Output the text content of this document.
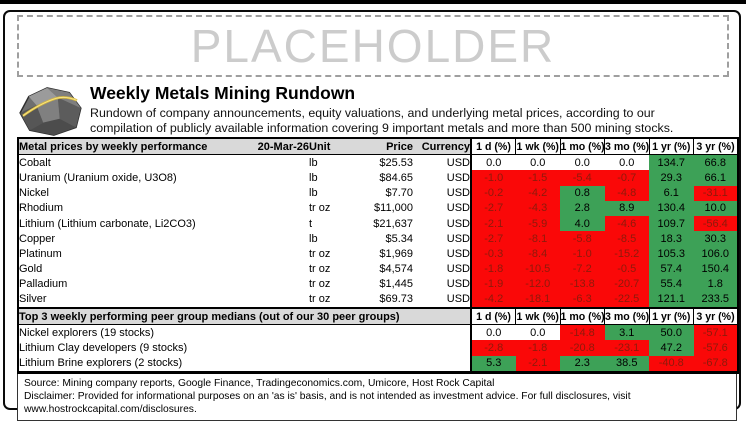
PLACEHOLDER
Weekly Metals Mining Rundown
Rundown of company announcements, equity valuations, and underlying metal prices, according to our
compilation of publicly available information covering 9 important metals and more than 500 mining stocks.
Metal prices by weekly performance	20-Mar-26	Unit	Price	Currency	1 d (%)	1 wk (%)	1 mo (%)	3 mo (%)	1 yr (%)	3 yr (%)
Cobalt		lb	$25.53	USD	0.0	0.0	0.0	0.0	134.7	66.8
Uranium (Uranium oxide, U3O8)		lb	$84.65	USD	-1.0	-1.5	-5.4	-0.7	29.3	66.1
Nickel		lb	$7.70	USD	-0.2	-4.2	0.8	-4.8	6.1	-31.1
Rhodium		tr oz	$11,000	USD	-2.7	-4.3	2.8	8.9	130.4	10.0
Lithium (Lithium carbonate, Li2CO3)		t	$21,637	USD	-2.1	-5.9	4.0	-4.6	109.7	-56.4
Copper		lb	$5.34	USD	-2.7	-8.1	-5.8	-8.5	18.3	30.3
Platinum		tr oz	$1,969	USD	-0.3	-8.4	-1.0	-15.2	105.3	106.0
Gold		tr oz	$4,574	USD	-1.8	-10.5	-7.2	-0.5	57.4	150.4
Palladium		tr oz	$1,445	USD	-1.9	-12.0	-13.8	-20.7	55.4	1.8
Silver		tr oz	$69.73	USD	-4.2	-18.1	-6.3	-22.5	121.1	233.5
Top 3 weekly performing peer group medians (out of our 30 peer groups)					1 d (%)	1 wk (%)	1 mo (%)	3 mo (%)	1 yr (%)	3 yr (%)
Nickel explorers (19 stocks)					0.0	0.0	-14.8	3.1	50.0	-57.1
Lithium Clay developers (9 stocks)					-2.8	-1.8	-20.8	-23.1	47.2	-57.6
Lithium Brine explorers (2 stocks)					5.3	-2.1	2.3	38.5	-40.8	-67.8
Source: Mining company reports, Google Finance, Tradingeconomics.com, Umicore, Host Rock Capital
Disclaimer: Provided for informational purposes on an 'as is' basis, and is not intended as investment advice. For full disclosures, visit www.hostrockcapital.com/disclosures.
